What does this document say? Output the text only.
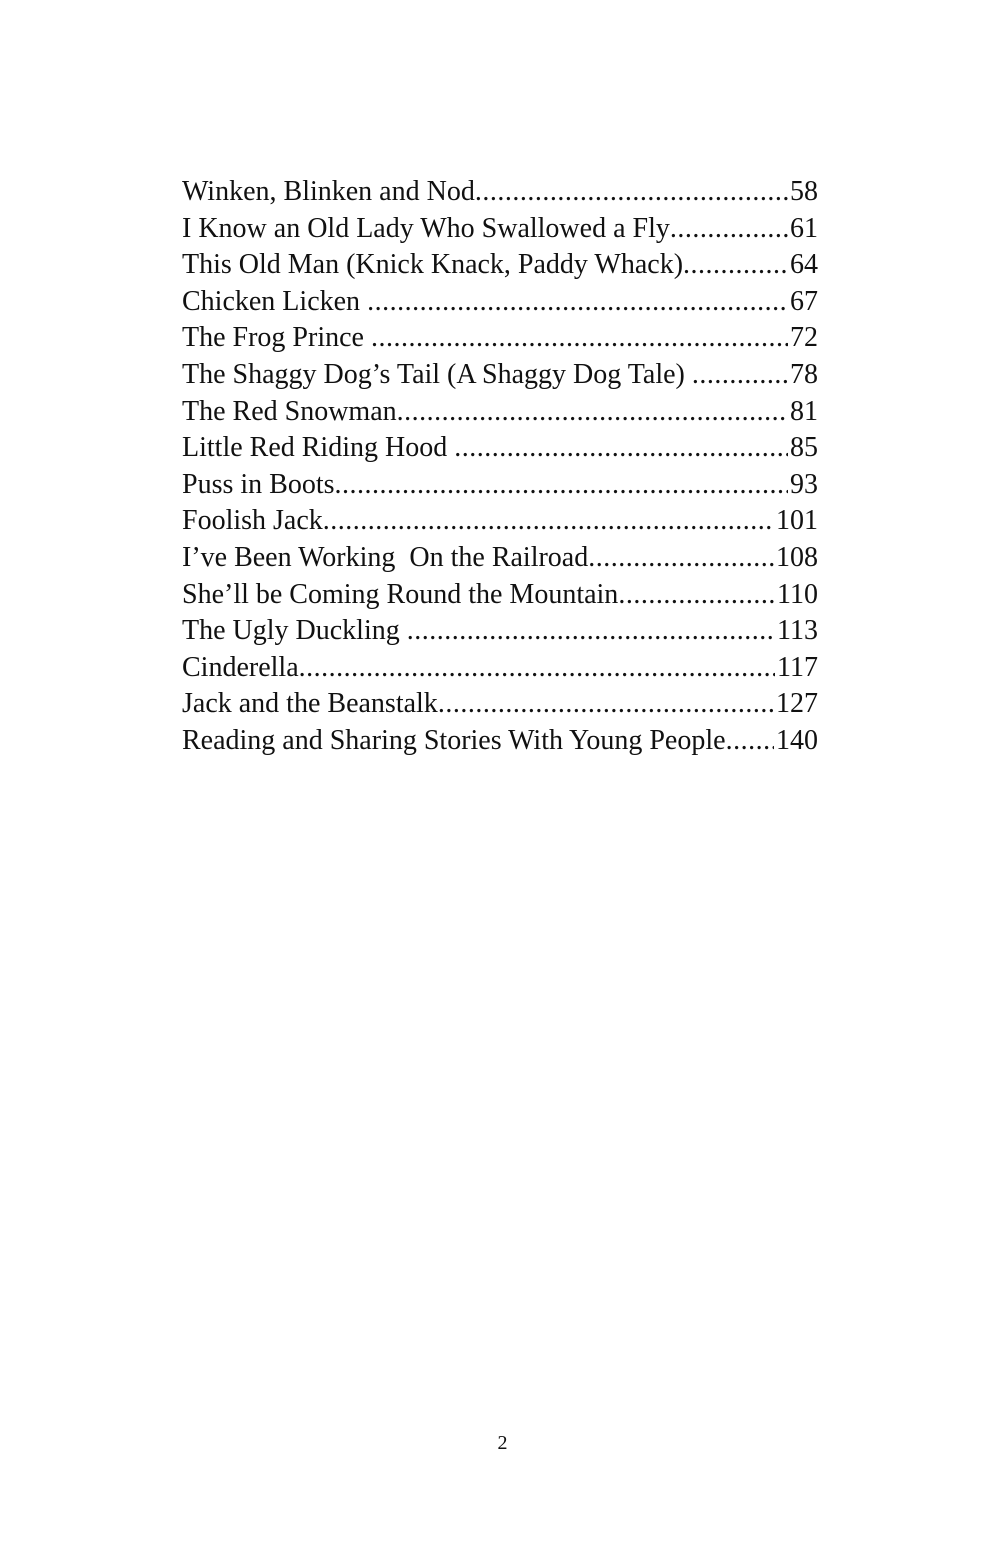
Winken, Blinken and Nod .....	58
I Know an Old Lady Who Swallowed a Fly .....	61
This Old Man (Knick Knack, Paddy Whack) .....	64
Chicken Licken .....	67
The Frog Prince .....	72
The Shaggy Dog’s Tail (A Shaggy Dog Tale) .....	78
The Red Snowman .....	81
Little Red Riding Hood .....	85
Puss in Boots .....	93
Foolish Jack .....	101
I’ve Been Working  On the Railroad .....	108
She’ll be Coming Round the Mountain .....	110
The Ugly Duckling .....	113
Cinderella .....	117
Jack and the Beanstalk .....	127
Reading and Sharing Stories With Young People ..... 140
2
